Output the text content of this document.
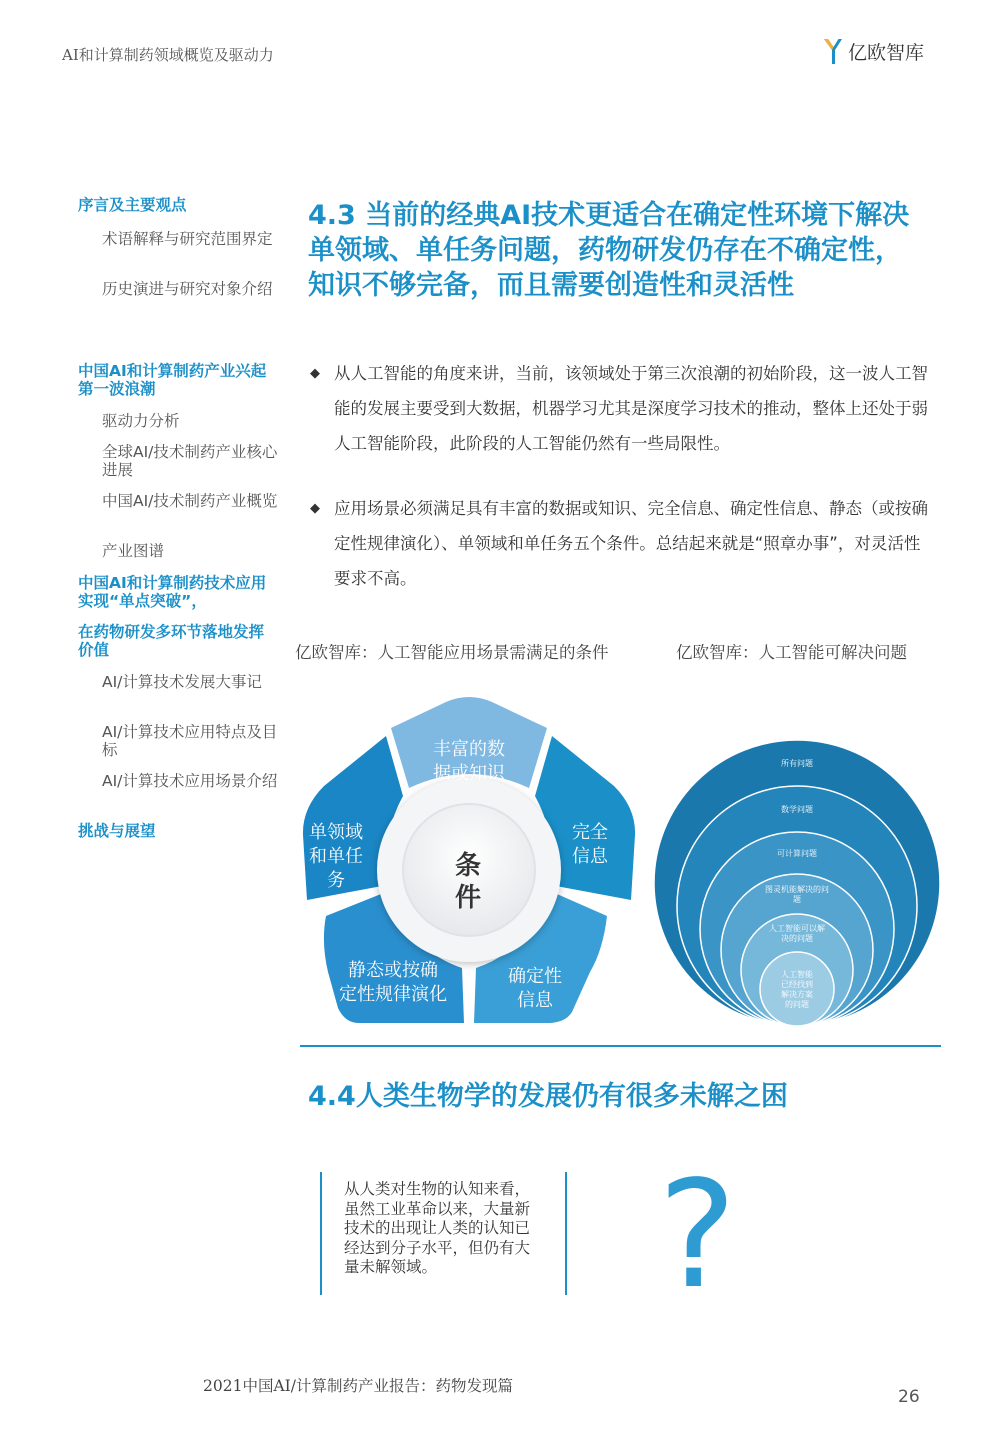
AI和计算制药领域概览及驱动力	亿欧智库
序言及主要观点
术语解释与研究范围界定
历史演进与研究对象介绍
中国AI和计算制药产业兴起第一波浪潮
驱动力分析
全球AI/技术制药产业核心进展
中国AI/技术制药产业概览
产业图谱
中国AI和计算制药技术应用实现“单点突破”，
在药物研发多环节落地发挥价值
AI/计算技术发展大事记
AI/计算技术应用特点及目标
AI/计算技术应用场景介绍
挑战与展望
4.3 当前的经典AI技术更适合在确定性环境下解决单领域、单任务问题，药物研发仍存在不确定性，知识不够完备，而且需要创造性和灵活性
◆ 从人工智能的角度来讲，当前，该领域处于第三次浪潮的初始阶段，这一波人工智能的发展主要受到大数据，机器学习尤其是深度学习技术的推动，整体上还处于弱人工智能阶段，此阶段的人工智能仍然有一些局限性。
◆ 应用场景必须满足具有丰富的数据或知识、完全信息、确定性信息、静态（或按确定性规律演化）、单领域和单任务五个条件。总结起来就是“照章办事”，对灵活性要求不高。
亿欧智库：人工智能应用场景需满足的条件	亿欧智库：人工智能可解决问题
条
件
丰富的数
据或知识
完全
信息
确定性
信息
静态或按确
定性规律演化
单领域
和单任
务
所有问题
数学问题
可计算问题
图灵机能解决的问
题
人工智能可以解
决的问题
人工智能
已经找到
解决方案
的问题
4.4人类生物学的发展仍有很多未解之困
从人类对生物的认知来看，
虽然工业革命以来，大量新
技术的出现让人类的认知已
经达到分子水平，但仍有大
量未解领域。	?
2021中国AI/计算制药产业报告：药物发现篇
26
